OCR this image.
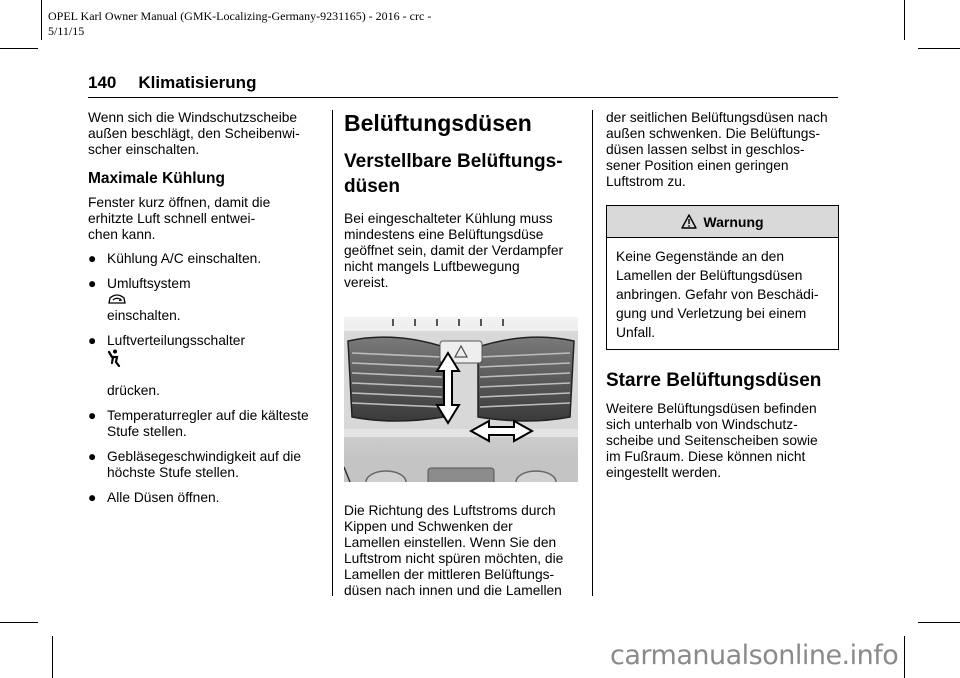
OPEL Karl Owner Manual (GMK-Localizing-Germany-9231165) - 2016 - crc -
5/11/15
140 Klimatisierung

Wenn sich die Windschutzscheibe
außen beschlägt, den Scheibenwi-
scher einschalten.

Maximale Kühlung

Fenster kurz öffnen, damit die
erhitzte Luft schnell entwei-
chen kann.

● Kühlung A/C einschalten.
● Umluftsystem

einschalten.
● Luftverteilungsschalter

drücken.
● Temperaturregler auf die kälteste
Stufe stellen.
● Gebläsegeschwindigkeit auf die
höchste Stufe stellen.
● Alle Düsen öffnen.
Belüftungsdüsen
Verstellbare Belüftungs-
düsen

Bei eingeschalteter Kühlung muss
mindestens eine Belüftungsdüse
geöffnet sein, damit der Verdampfer
nicht mangels Luftbewegung
vereist.

Die Richtung des Luftstroms durch
Kippen und Schwenken der
Lamellen einstellen. Wenn Sie den
Luftstrom nicht spüren möchten, die
Lamellen der mittleren Belüftungs-
düsen nach innen und die Lamellen

der seitlichen Belüftungsdüsen nach
außen schwenken. Die Belüftungs-
düsen lassen selbst in geschlos-
sener Position einen geringen
Luftstrom zu.

Warnung
Keine Gegenstände an den
Lamellen der Belüftungsdüsen
anbringen. Gefahr von Beschädi-
gung und Verletzung bei einem
Unfall.
Starre Belüftungsdüsen

Weitere Belüftungsdüsen befinden
sich unterhalb von Windschutz-
scheibe und Seitenscheiben sowie
im Fußraum. Diese können nicht
eingestellt werden.

carmanualsonline.info
